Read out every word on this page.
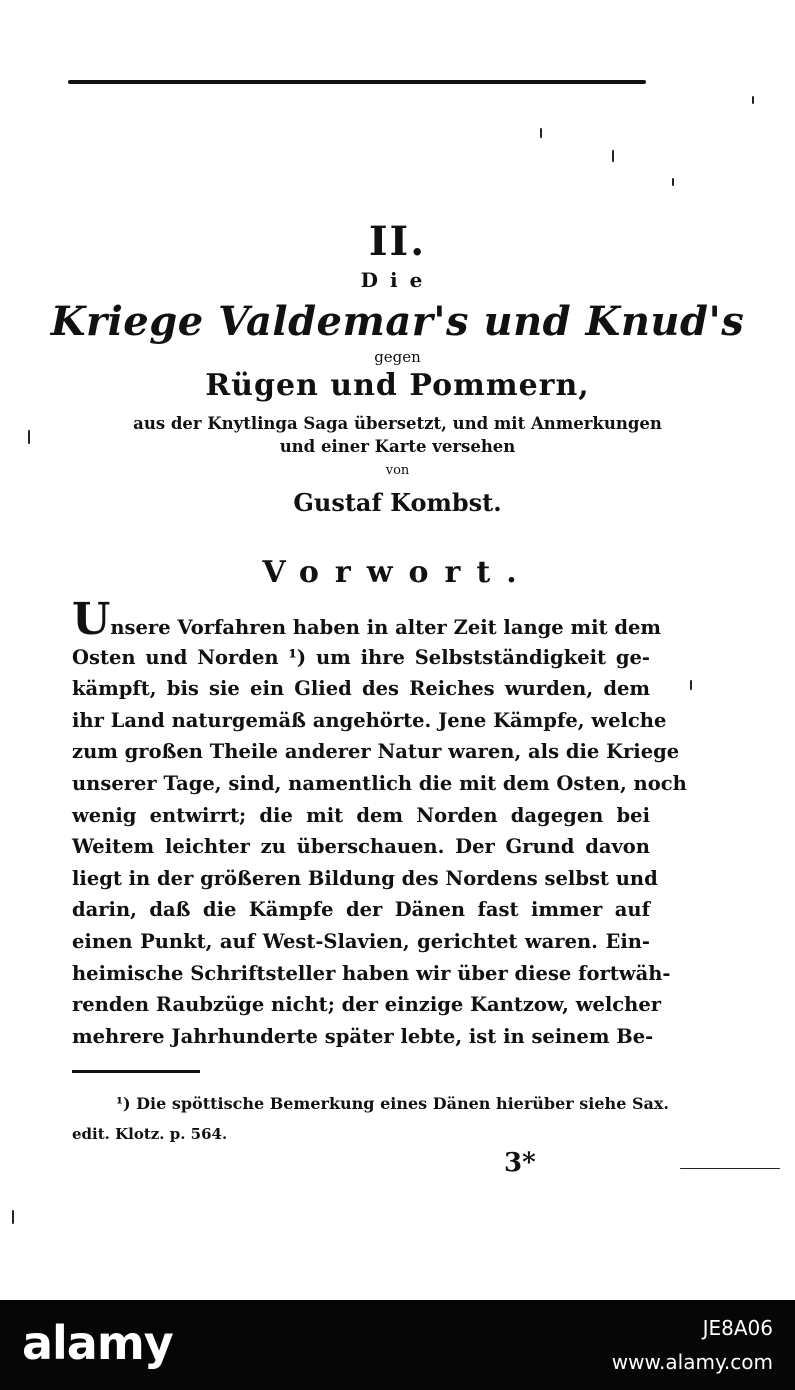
II.
Die
Kriege Valdemar's und Knud's
gegen
Rügen und Pommern,
aus der Knytlinga Saga übersetzt, und mit Anmerkungen
und einer Karte versehen
von
Gustaf Kombst.
Vorwort.
Unsere Vorfahren haben in alter Zeit lange mit dem
Osten und Norden ¹) um ihre Selbstständigkeit ge-
kämpft, bis sie ein Glied des Reiches wurden, dem
ihr Land naturgemäß angehörte. Jene Kämpfe, welche
zum großen Theile anderer Natur waren, als die Kriege
unserer Tage, sind, namentlich die mit dem Osten, noch
wenig entwirrt; die mit dem Norden dagegen bei
Weitem leichter zu überschauen. Der Grund davon
liegt in der größeren Bildung des Nordens selbst und
darin, daß die Kämpfe der Dänen fast immer auf
einen Punkt, auf West-Slavien, gerichtet waren. Ein-
heimische Schriftsteller haben wir über diese fortwäh-
renden Raubzüge nicht; der einzige Kantzow, welcher
mehrere Jahrhunderte später lebte, ist in seinem Be-
¹) Die spöttische Bemerkung eines Dänen hierüber siehe Sax.
edit. Klotz. p. 564.
3*
alamy	JE8A06
www.alamy.com
